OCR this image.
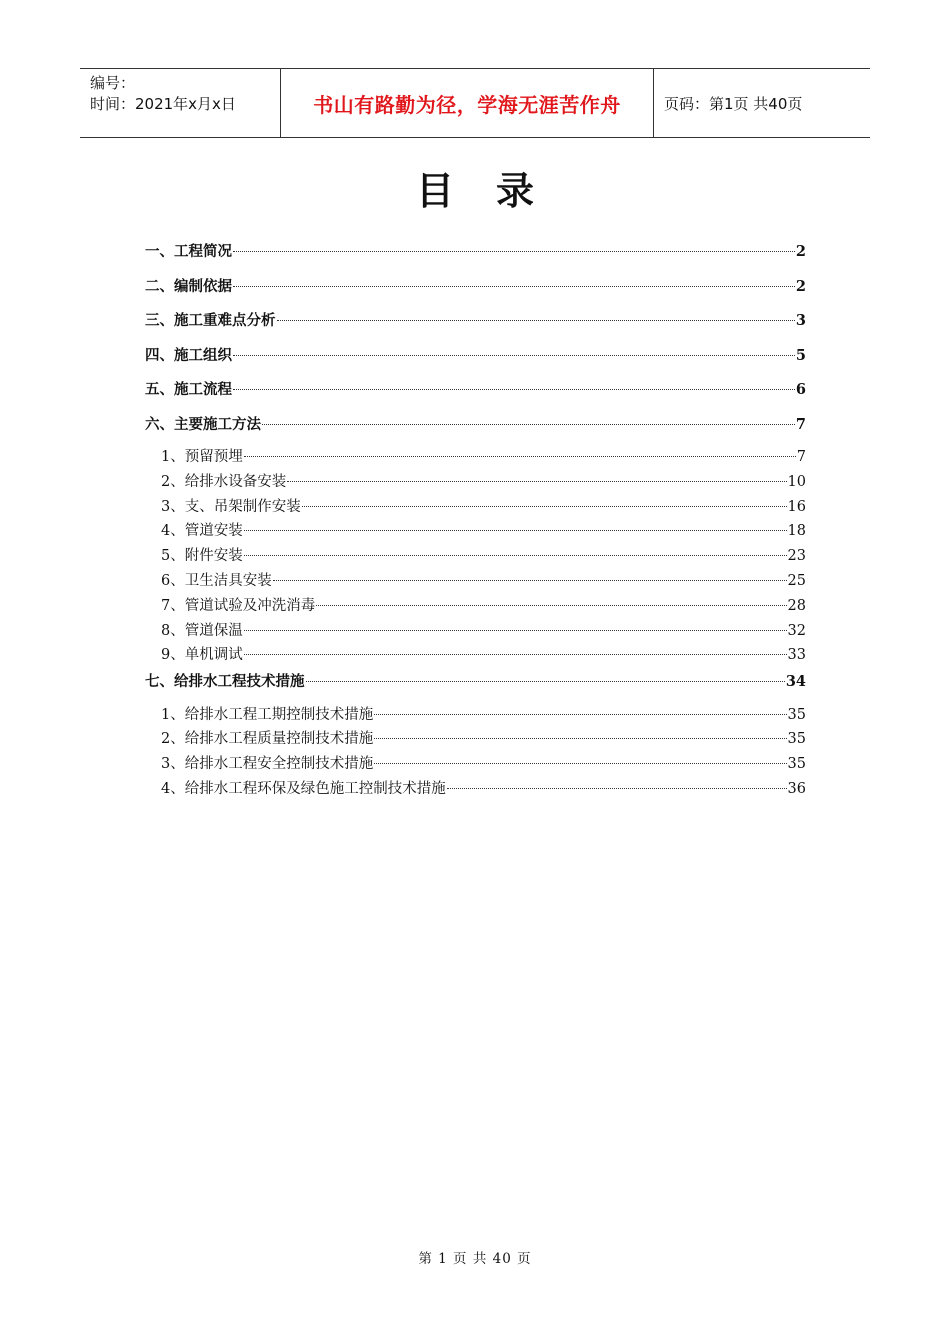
编号：
时间：2021年x月x日	书山有路勤为径，学海无涯苦作舟	页码：第1页 共40页
目录
一、工程简况	2
二、编制依据	2
三、施工重难点分析	3
四、施工组织	5
五、施工流程	6
六、主要施工方法	7
1、预留预埋	7
2、给排水设备安装	10
3、支、吊架制作安装	16
4、管道安装	18
5、附件安装	23
6、卫生洁具安装	25
7、管道试验及冲洗消毒	28
8、管道保温	32
9、单机调试	33
七、给排水工程技术措施	34
1、给排水工程工期控制技术措施	35
2、给排水工程质量控制技术措施	35
3、给排水工程安全控制技术措施	35
4、给排水工程环保及绿色施工控制技术措施	36
第 1 页 共 40 页
